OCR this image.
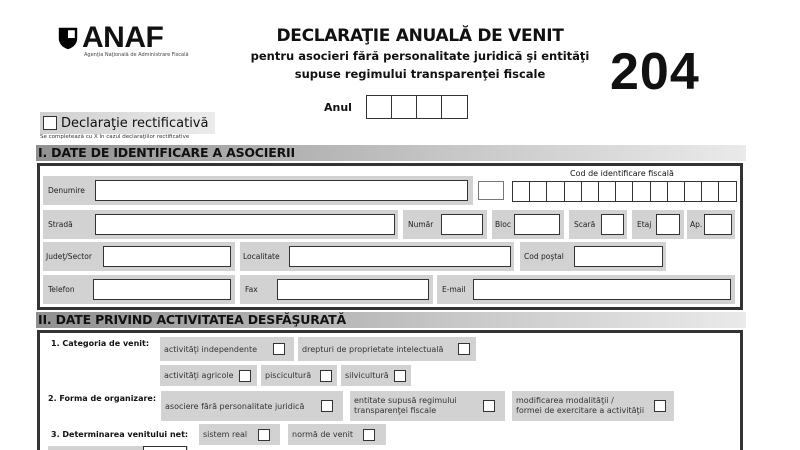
ANAF
Agenţia Naţională de Administrare Fiscală
DECLARAŢIE ANUALĂ DE VENIT

pentru asocieri fără personalitate juridică şi entităţi

supuse regimului transparenţei fiscale	204
Anul
Declaraţie rectificativă
Se completează cu X în cazul declaraţiilor rectificative
I. DATE DE IDENTIFICARE A ASOCIERII
Denumire
Cod de identificare fiscală
Stradă	Număr	Bloc	Scară	Etaj	Ap.
Judeţ/Sector	Localitate	Cod poştal
Telefon	Fax	E-mail
II. DATE PRIVIND ACTIVITATEA DESFĂŞURATĂ
1. Categoria de venit:
activităţi independente	drepturi de proprietate intelectuală
activităţi agricole	piscicultură	silvicultură
2. Forma de organizare:
asociere fără personalitate juridică
entitate supusă regimului
transparenţei fiscale
modificarea modalităţii /
formei de exercitare a activităţii
3. Determinarea venitului net: sistem real	normă de venit
